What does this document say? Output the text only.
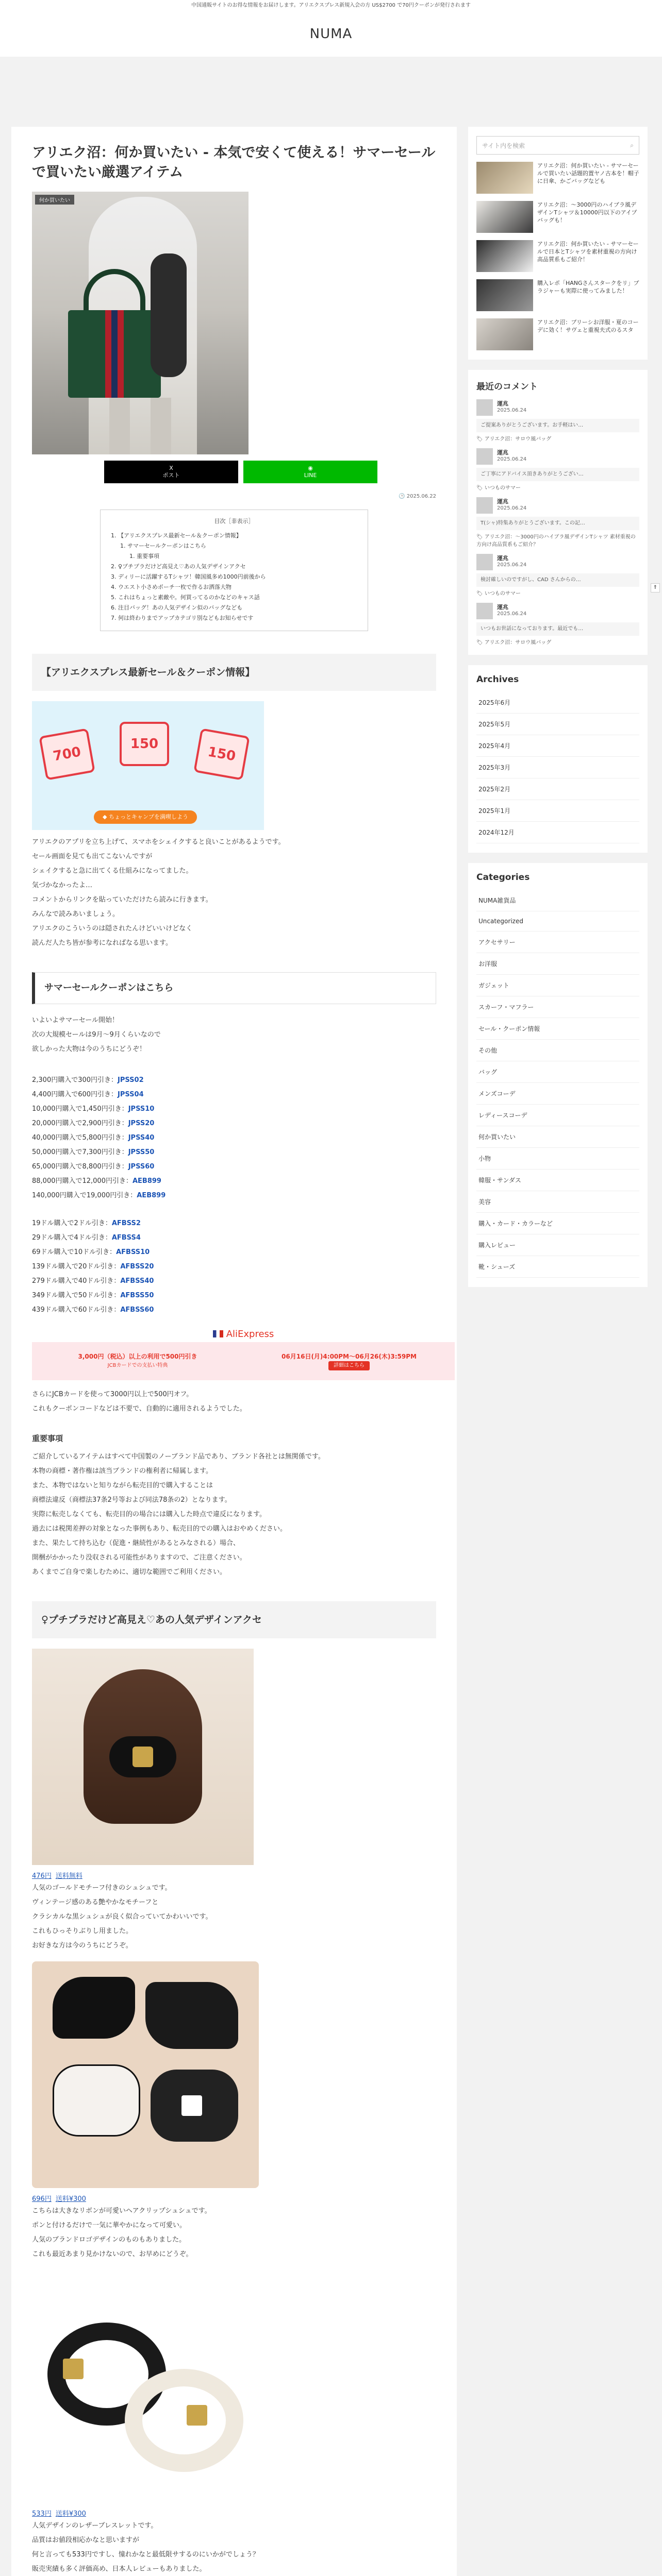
中国通販サイトのお得な情報をお届けします。アリエクスプレス新規入会の方 US$2700 で70円クーポンが発行されます
NUMA
アリエク沼：何か買いたい - 本気で安くて使える！サマーセールで買いたい厳選アイテム
何か買いたい
X
ポスト
◉
LINE
🕒 2025.06.22
目次［非表示］
1. 【アリエクスプレス最新セール＆クーポン情報】
1. サマーセールクーポンはこちら
1. 重要事項
2. ♀プチプラだけど高見え♡あの人気デザインアクセ
3. ディリーに活躍するTシャツ！韓国風多め1000円前後から
4. ウエスト小さめポーチ一枚で作るお洒落大物
5. これはちょっと素敵や。何買ってるのかなどのキャス話
6. 注目バッグ！あの人気デザイン似のバッグなども
7. 何は終わりまでアップカテゴリ別などもお知らせです
【アリエクスプレス最新セール＆クーポン情報】
700
150
150
◆ ちょっとキャンプを満喫しよう

アリエクのアプリを立ち上げて、スマホをシェイクすると良いことがあるようです。

セール画面を見ても出てこないんですが

シェイクすると急に出てくる仕組みになってました。

気づかなかったよ…

コメントからリンクを貼っていただけたら読みに行きます。

みんなで読みあいましょう。

アリエクのこういうのは隠されたんけどいいけどなく

読んだ人たち皆が参考になればなる思います。

サマーセールクーポンはこちら

いよいよサマーセール開始！

次の大規模セールは9月～9月くらいなので

欲しかった大物は今のうちにどうぞ！

2,300円購入で300円引き：JPSS02

4,400円購入で600円引き：JPSS04

10,000円購入で1,450円引き：JPSS10

20,000円購入で2,900円引き：JPSS20

40,000円購入で5,800円引き：JPSS40

50,000円購入で7,300円引き：JPSS50

65,000円購入で8,800円引き：JPSS60

88,000円購入で12,000円引き：AEB899

140,000円購入で19,000円引き：AEB899

19ドル購入で2ドル引き：AFBSS2

29ドル購入で4ドル引き：AFBSS4

69ドル購入で10ドル引き：AFBSS10

139ドル購入で20ドル引き：AFBSS20

279ドル購入で40ドル引き：AFBSS40

349ドル購入で50ドル引き：AFBSS50

439ドル購入で60ドル引き：AFBSS60

AliExpress
3,000円（税込）以上の利用で500円引き
JCBカードでの支払い特典
06月16日(月)4:00PM〜06月26(木)3:59PM
詳細はこちら

さらにJCBカードを使って3000円以上で500円オフ。

これもクーポンコードなどは不要で、自動的に適用されるようでした。

重要事項

ご紹介しているアイテムはすべて中国製のノーブランド品であり、ブランド各社とは無関係です。

本物の商標・著作権は該当ブランドの権利者に帰属します。

また、本物ではないと知りながら転売目的で購入することは

商標法違反（商標法37条2号等および同法78条の2）となります。

実際に転売しなくても、転売目的の場合には購入した時点で違反になります。

過去には税関差押の対象となった事例もあり、転売目的での購入はおやめください。

また、果たして持ち込む（促進・継続性があるとみなされる）場合、

開梱がかかったり没収される可能性がありますので、ご注意ください。

あくまでご自身で楽しむために、適切な範囲でご利用ください。

♀プチプラだけど高見え♡あの人気デザインアクセ
476円 送料無料

人気のゴールドモチーフ付きのシュシュです。

ヴィンテージ感のある艶やかなモチーフと

クラシカルな黒シュシュが良く似合っていてかわいいです。

これもひっそりぶりし用ました。

お好きな方は今のうちにどうぞ。

696円 送料¥300

こちらは大きなリボンが可愛いヘアクリップシュシュです。

ポンと付けるだけで一気に華やかになって可愛い。

人気のブランドロゴデザインのものもありました。

これも最近あまり見かけないので、お早めにどうぞ。

533円 送料¥300

人気デザインのレザーブレスレットです。

品質はお値段相応かなと思いますが

何と言っても533円ですし、憧れかなと最低限サするのにいかがでしょう？

販売実績も多く評価高め、日本人レビューもありました。

サイト内を検索	⌕
アリエク沼：何か買いたい - サマーセールで買いたい話題的置ヤノ古本を！帽子に日傘、かごバッグなども
アリエク沼：～3000円のハイブラ風デザインTシャツ＆10000円以下のアイプバッグも！
アリエク沼：何か買いたい - サマーセールで日本とTシャツを素材重視の方向け高品質系もご紹介！
購入レポ「HANGさんスタークをリ」ブラジャーも実際に使ってみました！
アリエク沼：ブリーシお洋服・夏のコーデに効く！サヴェと重視夫式のるスタ
最近のコメント
運兆
2025.06.24
ご提案ありがとうございます。お手軽はい…
🏷 アリエク沼：サロウ風バッグ
運兆
2025.06.24
ご丁寧にアドバイス頂きありがとうござい…
🏷 いつものサマー
運兆
2025.06.24
T(シャ)特集ありがとうございます。この記…
🏷 アリエク沼：～3000円のハイブラ風デザインTシャツ 素材重視の方向け高品質系もご紹介？
運兆
2025.06.24
検討確しいのですがし、CAD さんからの…
🏷 いつものサマー
運兆
2025.06.24
いつもお世話になっております。最近でも…
🏷 アリエク沼：サロウ風バッグ
Archives
2025年6月
2025年5月
2025年4月
2025年3月
2025年2月
2025年1月
2024年12月
Categories
NUMA雑貨品
Uncategorized
アクセサリー
お洋服
ガジェット
スカーフ・マフラー
セール・クーポン情報
その他
バッグ
メンズコーデ
レディースコーデ
何か買いたい
小物
韓服・サンダス
美容
購入・カード・カラーなど
購入レビュー
靴・シューズ
⇑
